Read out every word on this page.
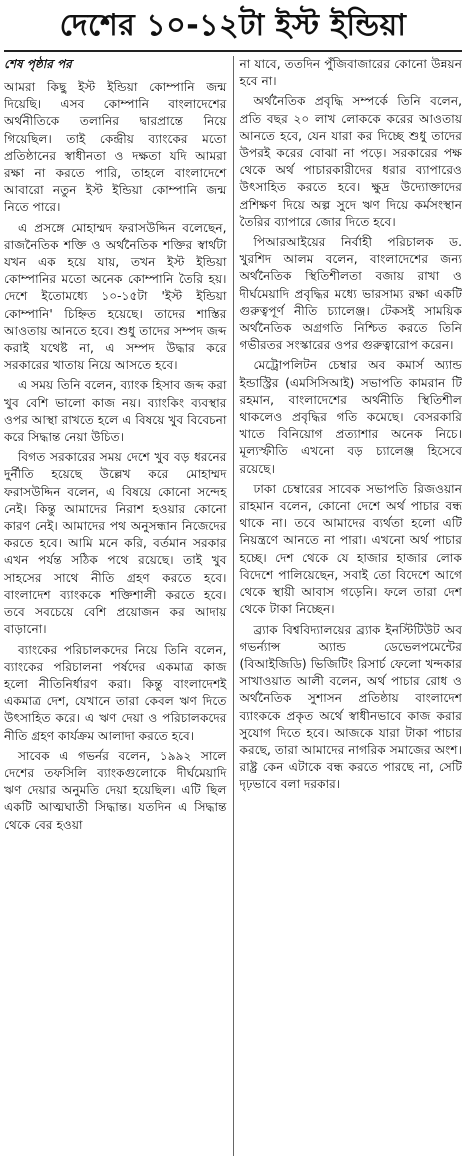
দেশের ১০-১২টা ইস্ট ইন্ডিয়া
শেষ পৃষ্ঠার পর

আমরা কিছু ইস্ট ইন্ডিয়া কোম্পানি জন্ম দিয়েছি। এসব কোম্পানি বাংলাদেশের অর্থনীতিকে তলানির দ্বারপ্রান্তে নিয়ে গিয়েছিল। তাই কেন্দ্রীয় ব্যাংকের মতো প্রতিষ্ঠানের স্বাধীনতা ও দক্ষতা যদি আমরা রক্ষা না করতে পারি, তাহলে বাংলাদেশে আবারো নতুন ইস্ট ইন্ডিয়া কোম্পানি জন্ম নিতে পারে।

এ প্রসঙ্গে মোহাম্মদ ফরাসউদ্দিন বলেছেন, রাজনৈতিক শক্তি ও অর্থনৈতিক শক্তির স্বার্থটা যখন এক হয়ে যায়, তখন ইস্ট ইন্ডিয়া কোম্পানির মতো অনেক কোম্পানি তৈরি হয়। দেশে ইতোমধ্যে ১০-১৫টা 'ইস্ট ইন্ডিয়া কোম্পানি' চিহ্নিত হয়েছে। তাদের শাস্তির আওতায় আনতে হবে। শুধু তাদের সম্পদ জব্দ করাই যথেষ্ট না, এ সম্পদ উদ্ধার করে সরকারের খাতায় নিয়ে আসতে হবে।

এ সময় তিনি বলেন, ব্যাংক হিসাব জব্দ করা খুব বেশি ভালো কাজ নয়। ব্যাংকিং ব্যবস্থার ওপর আস্থা রাখতে হলে এ বিষয়ে খুব বিবেচনা করে সিদ্ধান্ত নেয়া উচিত।

বিগত সরকারের সময় দেশে খুব বড় ধরনের দুর্নীতি হয়েছে উল্লেখ করে মোহাম্মদ ফরাসউদ্দিন বলেন, এ বিষয়ে কোনো সন্দেহ নেই। কিন্তু আমাদের নিরাশ হওয়ার কোনো কারণ নেই। আমাদের পথ অনুসন্ধান নিজেদের করতে হবে। আমি মনে করি, বর্তমান সরকার এখন পর্যন্ত সঠিক পথে রয়েছে। তাই খুব সাহসের সাথে নীতি গ্রহণ করতে হবে। বাংলাদেশ ব্যাংককে শক্তিশালী করতে হবে। তবে সবচেয়ে বেশি প্রয়োজন কর আদায় বাড়ানো।

ব্যাংকের পরিচালকদের নিয়ে তিনি বলেন, ব্যাংকের পরিচালনা পর্ষদের একমাত্র কাজ হলো নীতিনির্ধারণ করা। কিন্তু বাংলাদেশই একমাত্র দেশ, যেখানে তারা কেবল ঋণ দিতে উৎসাহিত করে। এ ঋণ দেয়া ও পরিচালকদের নীতি গ্রহণ কার্যক্রম আলাদা করতে হবে।

সাবেক এ গভর্নর বলেন, ১৯৯২ সালে দেশের তফসিলি ব্যাংকগুলোকে দীর্ঘমেয়াদি ঋণ দেয়ার অনুমতি দেয়া হয়েছিল। এটি ছিল একটি আত্মঘাতী সিদ্ধান্ত। যতদিন এ সিদ্ধান্ত থেকে বের হওয়া

না যাবে, ততদিন পুঁজিবাজারের কোনো উন্নয়ন হবে না।

অর্থনৈতিক প্রবৃদ্ধি সম্পর্কে তিনি বলেন, প্রতি বছর ২০ লাখ লোককে করের আওতায় আনতে হবে, যেন যারা কর দিচ্ছে শুধু তাদের উপরই করের বোঝা না পড়ে। সরকারের পক্ষ থেকে অর্থ পাচারকারীদের ধরার ব্যাপারেও উৎসাহিত করতে হবে। ক্ষুদ্র উদ্যোক্তাদের প্রশিক্ষণ দিয়ে অল্প সুদে ঋণ দিয়ে কর্মসংস্থান তৈরির ব্যাপারে জোর দিতে হবে।

পিআরআইয়ের নির্বাহী পরিচালক ড. খুরশিদ আলম বলেন, বাংলাদেশের জন্য অর্থনৈতিক স্থিতিশীলতা বজায় রাখা ও দীর্ঘমেয়াদি প্রবৃদ্ধির মধ্যে ভারসাম্য রক্ষা একটি গুরুত্বপূর্ণ নীতি চ্যালেঞ্জ। টেকসই সাময়িক অর্থনৈতিক অগ্রগতি নিশ্চিত করতে তিনি গভীরতর সংস্কারের ওপর গুরুত্বারোপ করেন।

মেট্রোপলিটন চেম্বার অব কমার্স অ্যান্ড ইন্ডাস্ট্রির (এমসিসিআই) সভাপতি কামরান টি রহমান, বাংলাদেশের অর্থনীতি স্থিতিশীল থাকলেও প্রবৃদ্ধির গতি কমেছে। বেসরকারি খাতে বিনিয়োগ প্রত্যাশার অনেক নিচে। মূল্যস্ফীতি এখনো বড় চ্যালেঞ্জ হিসেবে রয়েছে।

ঢাকা চেম্বারের সাবেক সভাপতি রিজওয়ান রাহমান বলেন, কোনো দেশে অর্থ পাচার বন্ধ থাকে না। তবে আমাদের ব্যর্থতা হলো এটি নিয়ন্ত্রণে আনতে না পারা। এখনো অর্থ পাচার হচ্ছে। দেশ থেকে যে হাজার হাজার লোক বিদেশে পালিয়েছেন, সবাই তো বিদেশে আগে থেকে স্থায়ী আবাস গড়েনি। ফলে তারা দেশ থেকে টাকা নিচ্ছেন।

ব্র্যাক বিশ্ববিদ্যালয়ের ব্র্যাক ইনস্টিটিউট অব গভর্ন্যান্স অ্যান্ড ডেভেলপমেন্টের (বিআইজিডি) ভিজিটিং রিসার্চ ফেলো খন্দকার সাখাওয়াত আলী বলেন, অর্থ পাচার রোধ ও অর্থনৈতিক সুশাসন প্রতিষ্ঠায় বাংলাদেশ ব্যাংককে প্রকৃত অর্থে স্বাধীনভাবে কাজ করার সুযোগ দিতে হবে। আজকে যারা টাকা পাচার করছে, তারা আমাদের নাগরিক সমাজের অংশ। রাষ্ট্র কেন এটাকে বন্ধ করতে পারছে না, সেটি দৃঢ়ভাবে বলা দরকার।
